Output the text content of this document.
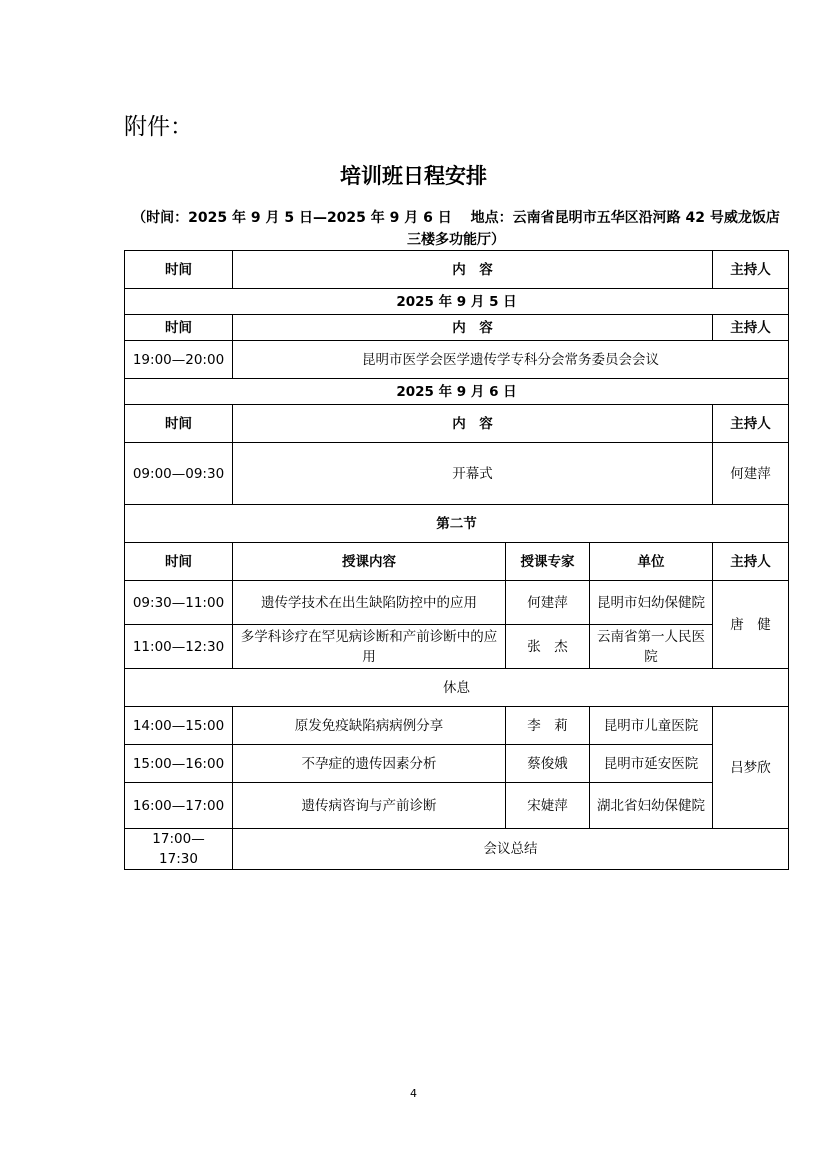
附件：
培训班日程安排
（时间：2025 年 9 月 5 日—2025 年 9 月 6 日　 地点：云南省昆明市五华区沿河路 42 号威龙饭店
三楼多功能厅）
时间	内　容			主持人
2025 年 9 月 5 日				
时间	内　容			主持人
19:00—20:00	昆明市医学会医学遗传学专科分会常务委员会会议			
2025 年 9 月 6 日				
时间	内　容			主持人
09:00—09:30	开幕式			何建萍
第二节				
时间	授课内容	授课专家	单位	主持人
09:30—11:00	遗传学技术在出生缺陷防控中的应用	何建萍	昆明市妇幼保健院	唐　健
11:00—12:30	多学科诊疗在罕见病诊断和产前诊断中的应用	张　杰	云南省第一人民医院	
休息				
14:00—15:00	原发免疫缺陷病病例分享	李　莉	昆明市儿童医院	吕梦欣
15:00—16:00	不孕症的遗传因素分析	蔡俊娥	昆明市延安医院	
16:00—17:00	遗传病咨询与产前诊断	宋婕萍	湖北省妇幼保健院	
17:00— 17:30	会议总结			
4
